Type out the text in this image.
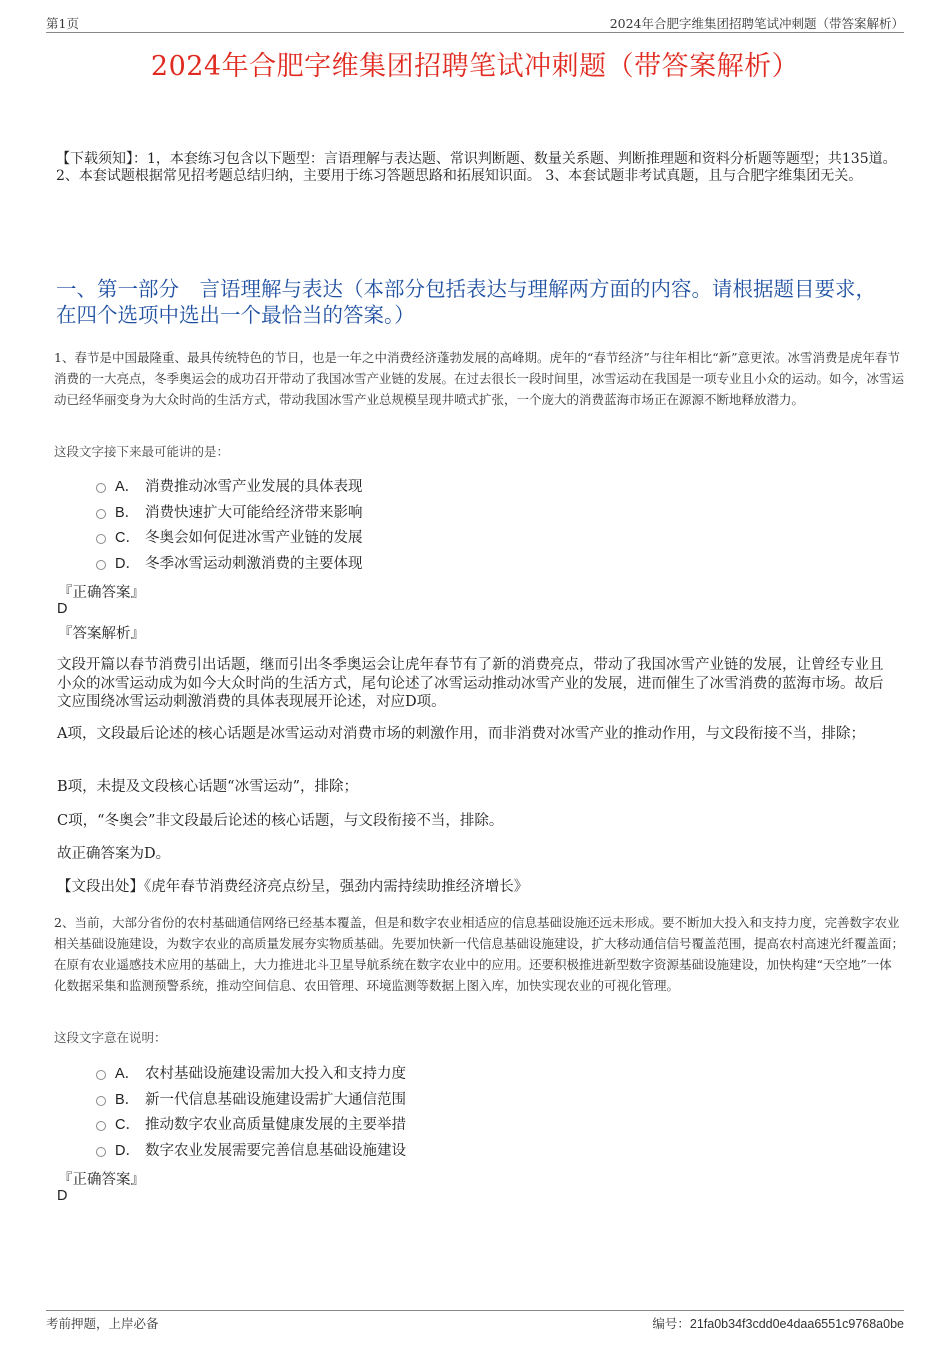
第1页	2024年合肥字维集团招聘笔试冲刺题（带答案解析）
2024年合肥字维集团招聘笔试冲刺题（带答案解析）
【下载须知】：1，本套练习包含以下题型：言语理解与表达题、常识判断题、数量关系题、判断推理题和资料分析题等题型；共135道。 2、本套试题根据常见招考题总结归纳，主要用于练习答题思路和拓展知识面。 3、本套试题非考试真题，且与合肥字维集团无关。
一、第一部分　言语理解与表达（本部分包括表达与理解两方面的内容。请根据题目要求，在四个选项中选出一个最恰当的答案。）
1、春节是中国最隆重、最具传统特色的节日，也是一年之中消费经济蓬勃发展的高峰期。虎年的“春节经济”与往年相比“新”意更浓。冰雪消费是虎年春节消费的一大亮点，冬季奥运会的成功召开带动了我国冰雪产业链的发展。在过去很长一段时间里，冰雪运动在我国是一项专业且小众的运动。如今，冰雪运动已经华丽变身为大众时尚的生活方式，带动我国冰雪产业总规模呈现井喷式扩张，一个庞大的消费蓝海市场正在源源不断地释放潜力。
这段文字接下来最可能讲的是：
A． 消费推动冰雪产业发展的具体表现
B． 消费快速扩大可能给经济带来影响
C． 冬奥会如何促进冰雪产业链的发展
D． 冬季冰雪运动刺激消费的主要体现
『正确答案』
D
『答案解析』
文段开篇以春节消费引出话题，继而引出冬季奥运会让虎年春节有了新的消费亮点，带动了我国冰雪产业链的发展，让曾经专业且小众的冰雪运动成为如今大众时尚的生活方式，尾句论述了冰雪运动推动冰雪产业的发展，进而催生了冰雪消费的蓝海市场。故后文应围绕冰雪运动刺激消费的具体表现展开论述，对应D项。
A项，文段最后论述的核心话题是冰雪运动对消费市场的刺激作用，而非消费对冰雪产业的推动作用，与文段衔接不当，排除；
B项，未提及文段核心话题“冰雪运动”，排除；
C项，“冬奥会”非文段最后论述的核心话题，与文段衔接不当，排除。
故正确答案为D。
【文段出处】《虎年春节消费经济亮点纷呈，强劲内需持续助推经济增长》
2、当前，大部分省份的农村基础通信网络已经基本覆盖，但是和数字农业相适应的信息基础设施还远未形成。要不断加大投入和支持力度，完善数字农业相关基础设施建设，为数字农业的高质量发展夯实物质基础。先要加快新一代信息基础设施建设，扩大移动通信信号覆盖范围，提高农村高速光纤覆盖面；在原有农业遥感技术应用的基础上，大力推进北斗卫星导航系统在数字农业中的应用。还要积极推进新型数字资源基础设施建设，加快构建“天空地”一体化数据采集和监测预警系统，推动空间信息、农田管理、环境监测等数据上图入库，加快实现农业的可视化管理。
这段文字意在说明：
A． 农村基础设施建设需加大投入和支持力度
B． 新一代信息基础设施建设需扩大通信范围
C． 推动数字农业高质量健康发展的主要举措
D． 数字农业发展需要完善信息基础设施建设
『正确答案』
D
考前押题，上岸必备	编号：21fa0b34f3cdd0e4daa6551c9768a0be
